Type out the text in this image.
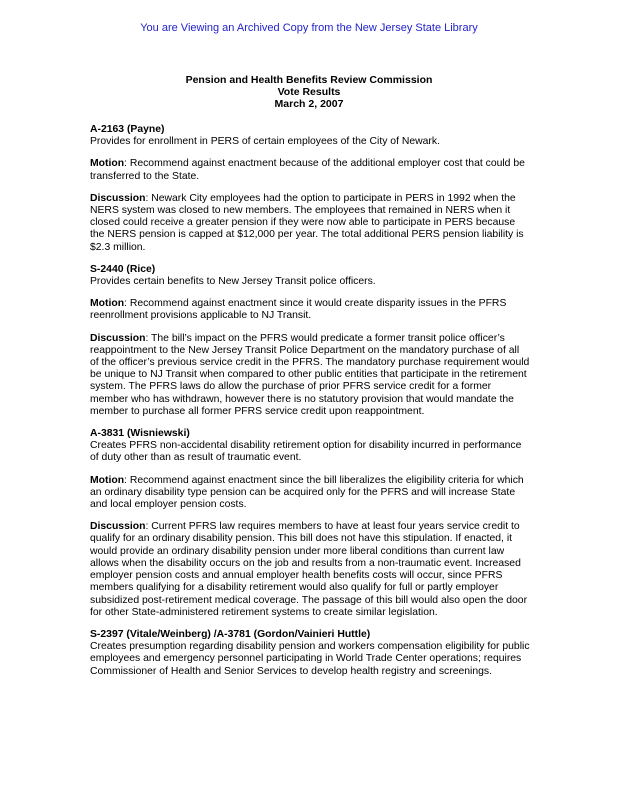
You are Viewing an Archived Copy from the New Jersey State Library
Pension and Health Benefits Review Commission
Vote Results
March 2, 2007
A-2163 (Payne)
Provides for enrollment in PERS of certain employees of the City of Newark.
Motion: Recommend against enactment because of the additional employer cost that could be transferred to the State.
Discussion: Newark City employees had the option to participate in PERS in 1992 when the NERS system was closed to new members. The employees that remained in NERS when it closed could receive a greater pension if they were now able to participate in PERS because the NERS pension is capped at $12,000 per year. The total additional PERS pension liability is $2.3 million.
S-2440 (Rice)
Provides certain benefits to New Jersey Transit police officers.
Motion: Recommend against enactment since it would create disparity issues in the PFRS reenrollment provisions applicable to NJ Transit.
Discussion: The bill’s impact on the PFRS would predicate a former transit police officer’s reappointment to the New Jersey Transit Police Department on the mandatory purchase of all of the officer’s previous service credit in the PFRS. The mandatory purchase requirement would be unique to NJ Transit when compared to other public entities that participate in the retirement system. The PFRS laws do allow the purchase of prior PFRS service credit for a former member who has withdrawn, however there is no statutory provision that would mandate the member to purchase all former PFRS service credit upon reappointment.
A-3831 (Wisniewski)
Creates PFRS non-accidental disability retirement option for disability incurred in performance of duty other than as result of traumatic event.
Motion: Recommend against enactment since the bill liberalizes the eligibility criteria for which an ordinary disability type pension can be acquired only for the PFRS and will increase State and local employer pension costs.
Discussion: Current PFRS law requires members to have at least four years service credit to qualify for an ordinary disability pension. This bill does not have this stipulation. If enacted, it would provide an ordinary disability pension under more liberal conditions than current law allows when the disability occurs on the job and results from a non-traumatic event. Increased employer pension costs and annual employer health benefits costs will occur, since PFRS members qualifying for a disability retirement would also qualify for full or partly employer subsidized post-retirement medical coverage. The passage of this bill would also open the door for other State-administered retirement systems to create similar legislation.
S-2397 (Vitale/Weinberg) /A-3781 (Gordon/Vainieri Huttle)
Creates presumption regarding disability pension and workers compensation eligibility for public employees and emergency personnel participating in World Trade Center operations; requires Commissioner of Health and Senior Services to develop health registry and screenings.
